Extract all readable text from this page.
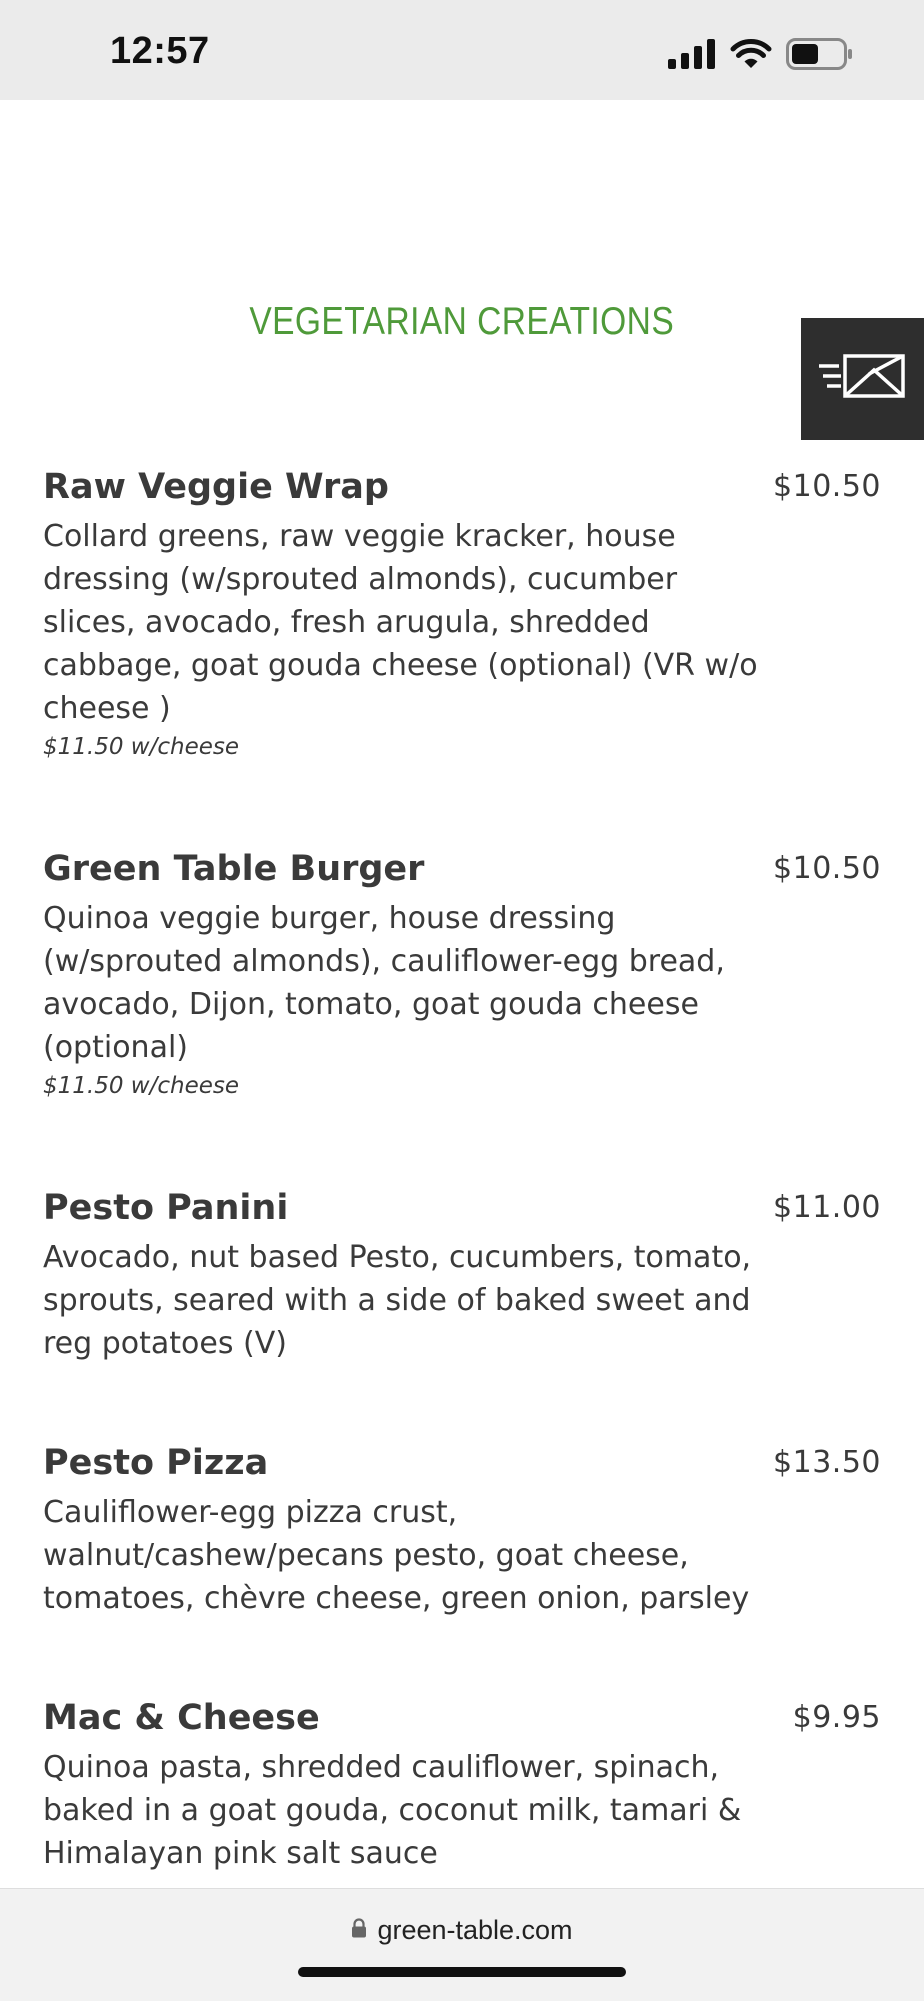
12:57
VEGETARIAN CREATIONS
Raw Veggie Wrap	$10.50
Collard greens, raw veggie kracker, house dressing (w/sprouted almonds), cucumber slices, avocado, fresh arugula, shredded cabbage, goat gouda cheese (optional) (VR w/o cheese )
$11.50 w/cheese
Green Table Burger	$10.50
Quinoa veggie burger, house dressing (w/sprouted almonds), cauliflower-egg bread, avocado, Dijon, tomato, goat gouda cheese (optional)
$11.50 w/cheese
Pesto Panini	$11.00
Avocado, nut based Pesto, cucumbers, tomato, sprouts, seared with a side of baked sweet and reg potatoes (V)
Pesto Pizza	$13.50
Cauliflower-egg pizza crust, walnut/cashew/pecans pesto, goat cheese, tomatoes, chèvre cheese, green onion, parsley
Mac & Cheese	$9.95
Quinoa pasta, shredded cauliflower, spinach, baked in a goat gouda, coconut milk, tamari & Himalayan pink salt sauce
green-table.com
